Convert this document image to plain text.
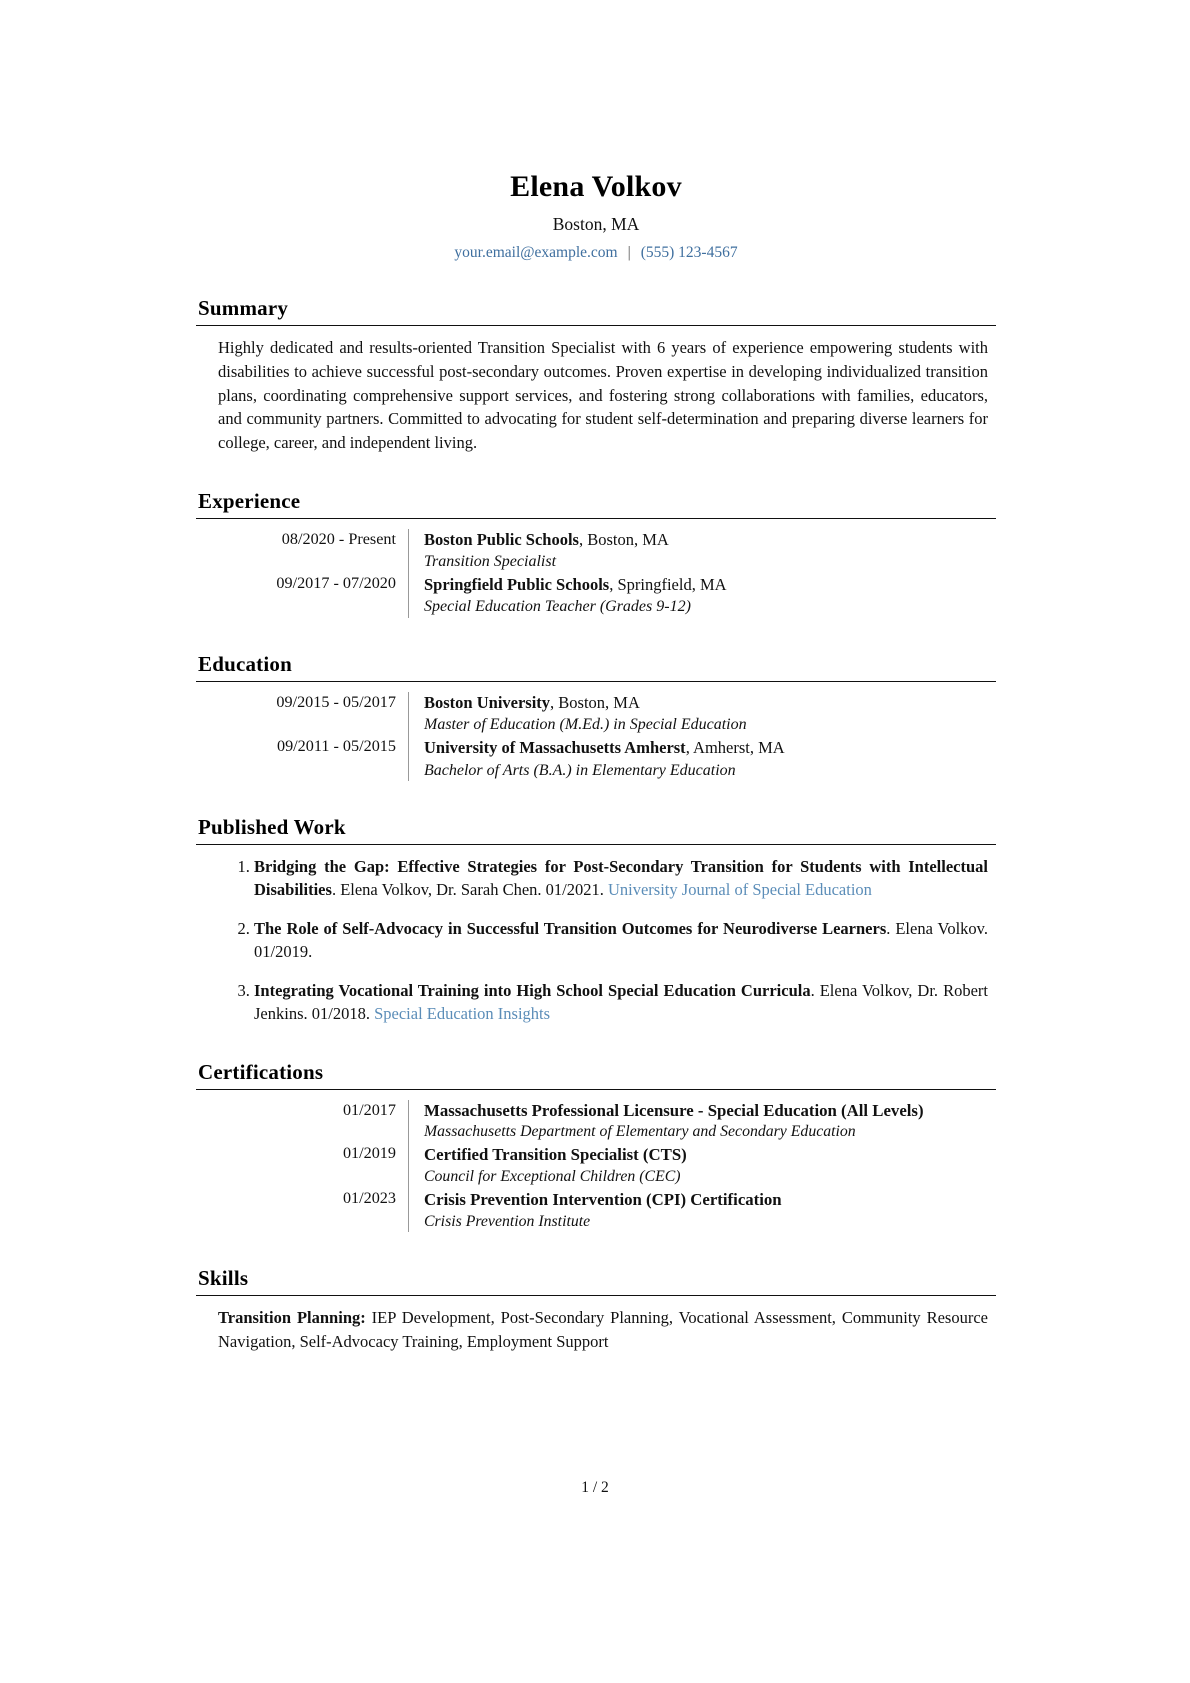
Elena Volkov
Boston, MA
your.email@example.com | (555) 123-4567
Summary

Highly dedicated and results-oriented Transition Specialist with 6 years of experience empowering students with disabilities to achieve successful post-secondary outcomes. Proven expertise in developing individualized transition plans, coordinating comprehensive support services, and fostering strong collaborations with families, educators, and community partners. Committed to advocating for student self-determination and preparing diverse learners for college, career, and independent living.

Experience
08/2020 - Present		Boston Public Schools, Boston, MA
Transition Specialist

09/2017 - 07/2020		Springfield Public Schools, Springfield, MA
Special Education Teacher (Grades 9-12)
Education
09/2015 - 05/2017		Boston University, Boston, MA
Master of Education (M.Ed.) in Special Education

09/2011 - 05/2015		University of Massachusetts Amherst, Amherst, MA
Bachelor of Arts (B.A.) in Elementary Education
Published Work
1. Bridging the Gap: Effective Strategies for Post-Secondary Transition for Students with Intellectual Disabilities. Elena Volkov, Dr. Sarah Chen. 01/2021. University Journal of Special Education
2. The Role of Self-Advocacy in Successful Transition Outcomes for Neurodiverse Learners. Elena Volkov. 01/2019.
3. Integrating Vocational Training into High School Special Education Curricula. Elena Volkov, Dr. Robert Jenkins. 01/2018. Special Education Insights
Certifications
01/2017		Massachusetts Professional Licensure - Special Education (All Levels)
Massachusetts Department of Elementary and Secondary Education

01/2019		Certified Transition Specialist (CTS)
Council for Exceptional Children (CEC)

01/2023		Crisis Prevention Intervention (CPI) Certification
Crisis Prevention Institute
Skills

Transition Planning: IEP Development, Post-Secondary Planning, Vocational Assessment, Community Resource Navigation, Self-Advocacy Training, Employment Support

1 / 2
